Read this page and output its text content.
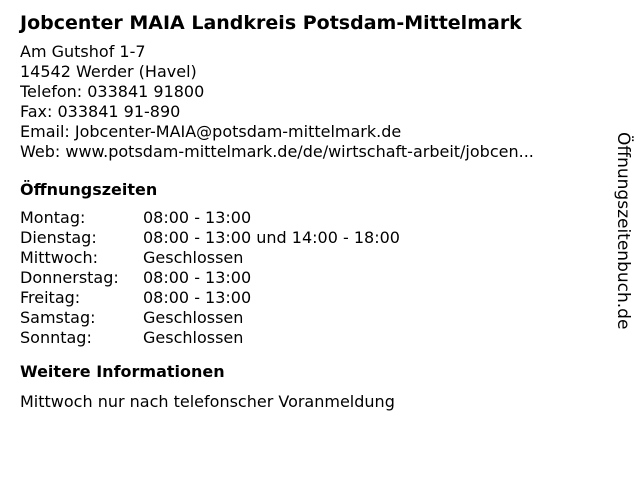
Jobcenter MAIA Landkreis Potsdam-Mittelmark
Am Gutshof 1-7
14542 Werder (Havel)
Telefon: 033841 91800
Fax: 033841 91-890
Email: Jobcenter-MAIA@potsdam-mittelmark.de
Web: www.potsdam-mittelmark.de/de/wirtschaft-arbeit/jobcen...
Öffnungszeiten
Montag:	08:00 - 13:00
Dienstag:	08:00 - 13:00 und 14:00 - 18:00
Mittwoch:	Geschlossen
Donnerstag:	08:00 - 13:00
Freitag:	08:00 - 13:00
Samstag:	Geschlossen
Sonntag:	Geschlossen
Weitere Informationen
Mittwoch nur nach telefonscher Voranmeldung
Öffnungszeitenbuch.de
